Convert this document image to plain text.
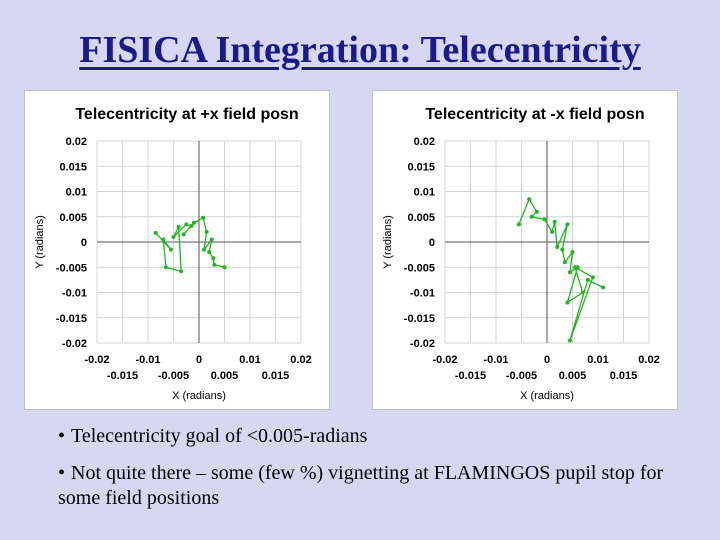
FISICA Integration: Telecentricity
Telecentricity at +x field posn
0.02
0.015
0.01
0.005
0
-0.005
-0.01
-0.015
-0.02
-0.02 -0.01	0	0.01	0.02
-0.015 -0.005 0.005 0.015
X (radians)
Y (radians)
Telecentricity at -x field posn
0.02
0.015
0.01
0.005
0
-0.005
-0.01
-0.015
-0.02
-0.02 -0.01	0	0.01	0.02
-0.015 -0.005 0.005 0.015
X (radians)
Y (radians)
• Telecentricity goal of <0.005-radians
• Not quite there – some (few %) vignetting at FLAMINGOS pupil stop for some field positions
